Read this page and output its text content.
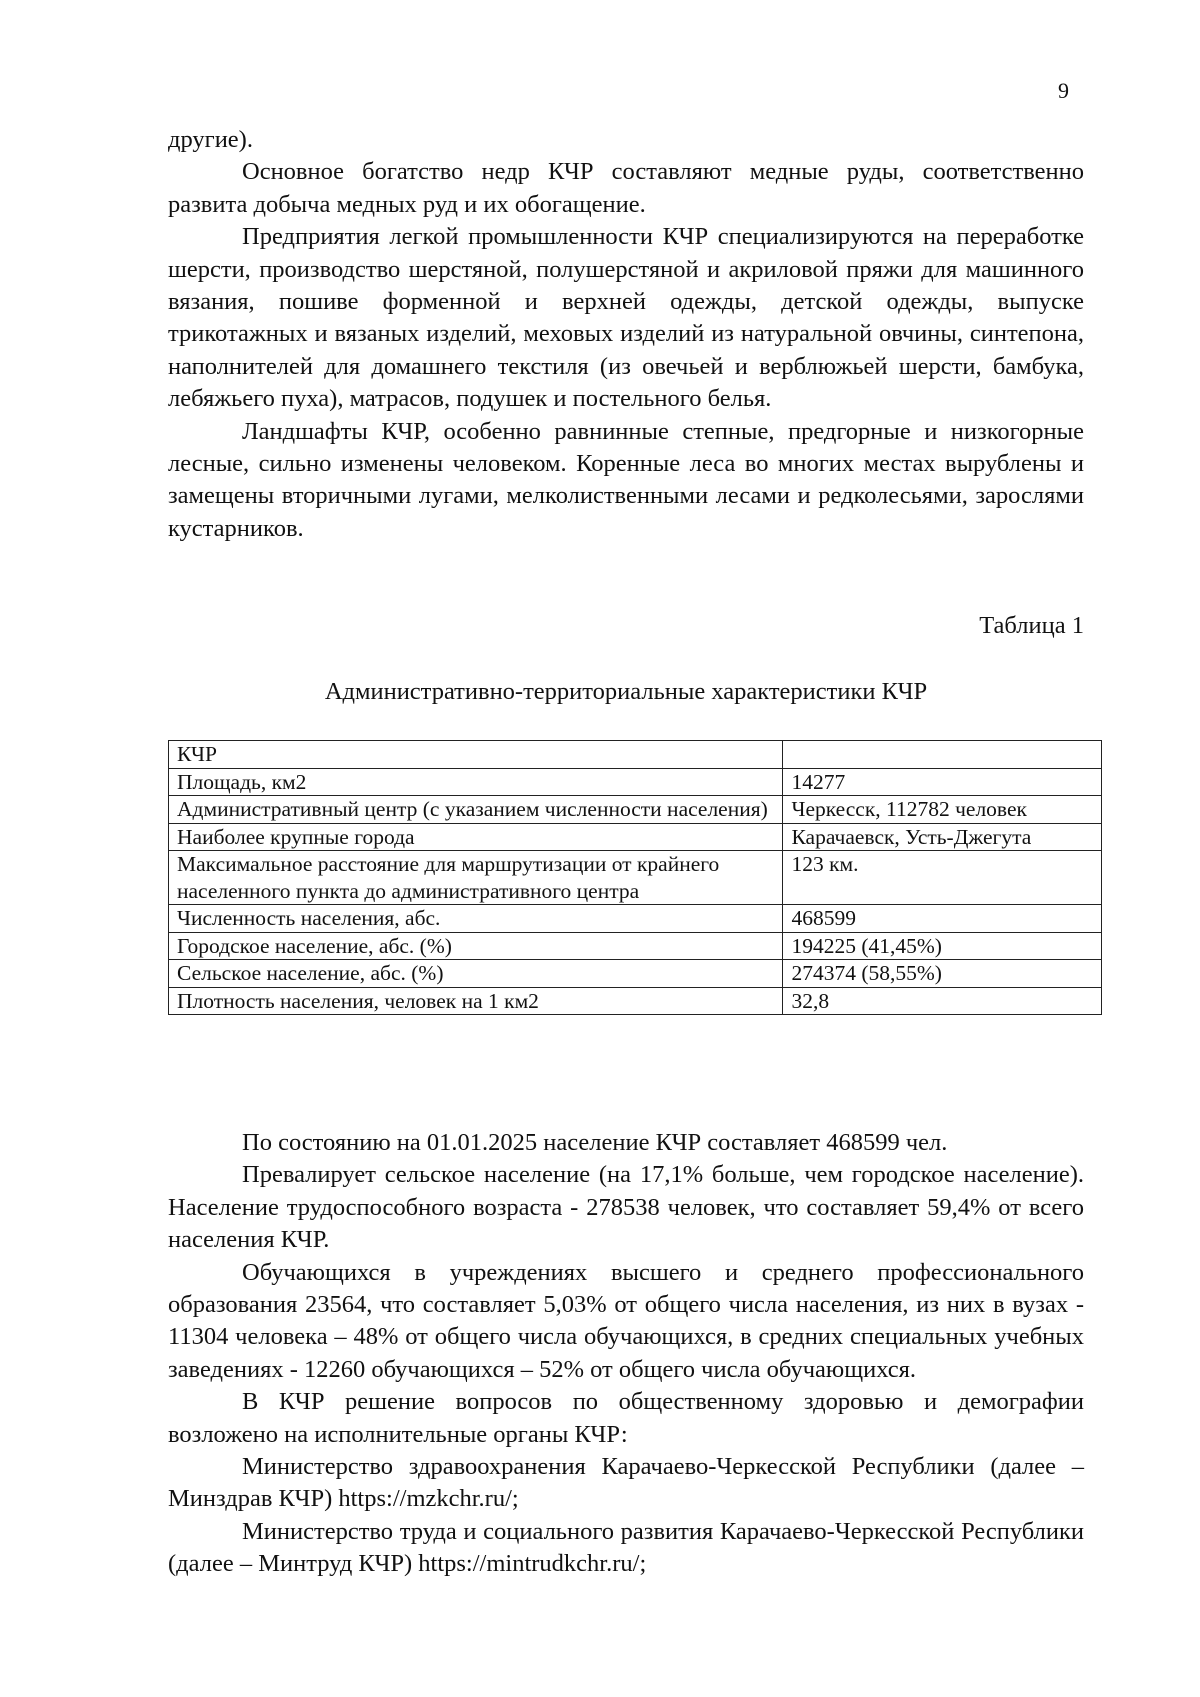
9

другие).

Основное богатство недр КЧР составляют медные руды, соответственно развита добыча медных руд и их обогащение.

Предприятия легкой промышленности КЧР специализируются на переработке шерсти, производство шерстяной, полушерстяной и акриловой пряжи для машинного вязания, пошиве форменной и верхней одежды, детской одежды, выпуске трикотажных и вязаных изделий, меховых изделий из натуральной овчины, синтепона, наполнителей для домашнего текстиля (из овечьей и верблюжьей шерсти, бамбука, лебяжьего пуха), матрасов, подушек и постельного белья.

Ландшафты КЧР, особенно равнинные степные, предгорные и низкогорные лесные, сильно изменены человеком. Коренные леса во многих местах вырублены и замещены вторичными лугами, мелколиственными лесами и редколесьями, зарослями кустарников.

Таблица 1
Административно-территориальные характеристики КЧР
КЧР	
Площадь, км2	14277
Административный центр (с указанием численности населения)	Черкесск, 112782 человек
Наиболее крупные города	Карачаевск, Усть-Джегута
Максимальное расстояние для маршрутизации от крайнего населенного пункта до административного центра	123 км.
Численность населения, абс.	468599
Городское население, абс. (%)	194225 (41,45%)
Сельское население, абс. (%)	274374 (58,55%)
Плотность населения, человек на 1 км2	32,8

По состоянию на 01.01.2025 население КЧР составляет 468599 чел.

Превалирует сельское население (на 17,1% больше, чем городское население). Население трудоспособного возраста - 278538 человек, что составляет 59,4% от всего населения КЧР.

Обучающихся в учреждениях высшего и среднего профессионального образования 23564, что составляет 5,03% от общего числа населения, из них в вузах - 11304 человека – 48% от общего числа обучающихся, в средних специальных учебных заведениях - 12260 обучающихся – 52% от общего числа обучающихся.

В КЧР решение вопросов по общественному здоровью и демографии возложено на исполнительные органы КЧР:

Министерство здравоохранения Карачаево-Черкесской Республики (далее – Минздрав КЧР) https://mzkchr.ru/;

Министерство труда и социального развития Карачаево-Черкесской Республики (далее – Минтруд КЧР) https://mintrudkchr.ru/;
